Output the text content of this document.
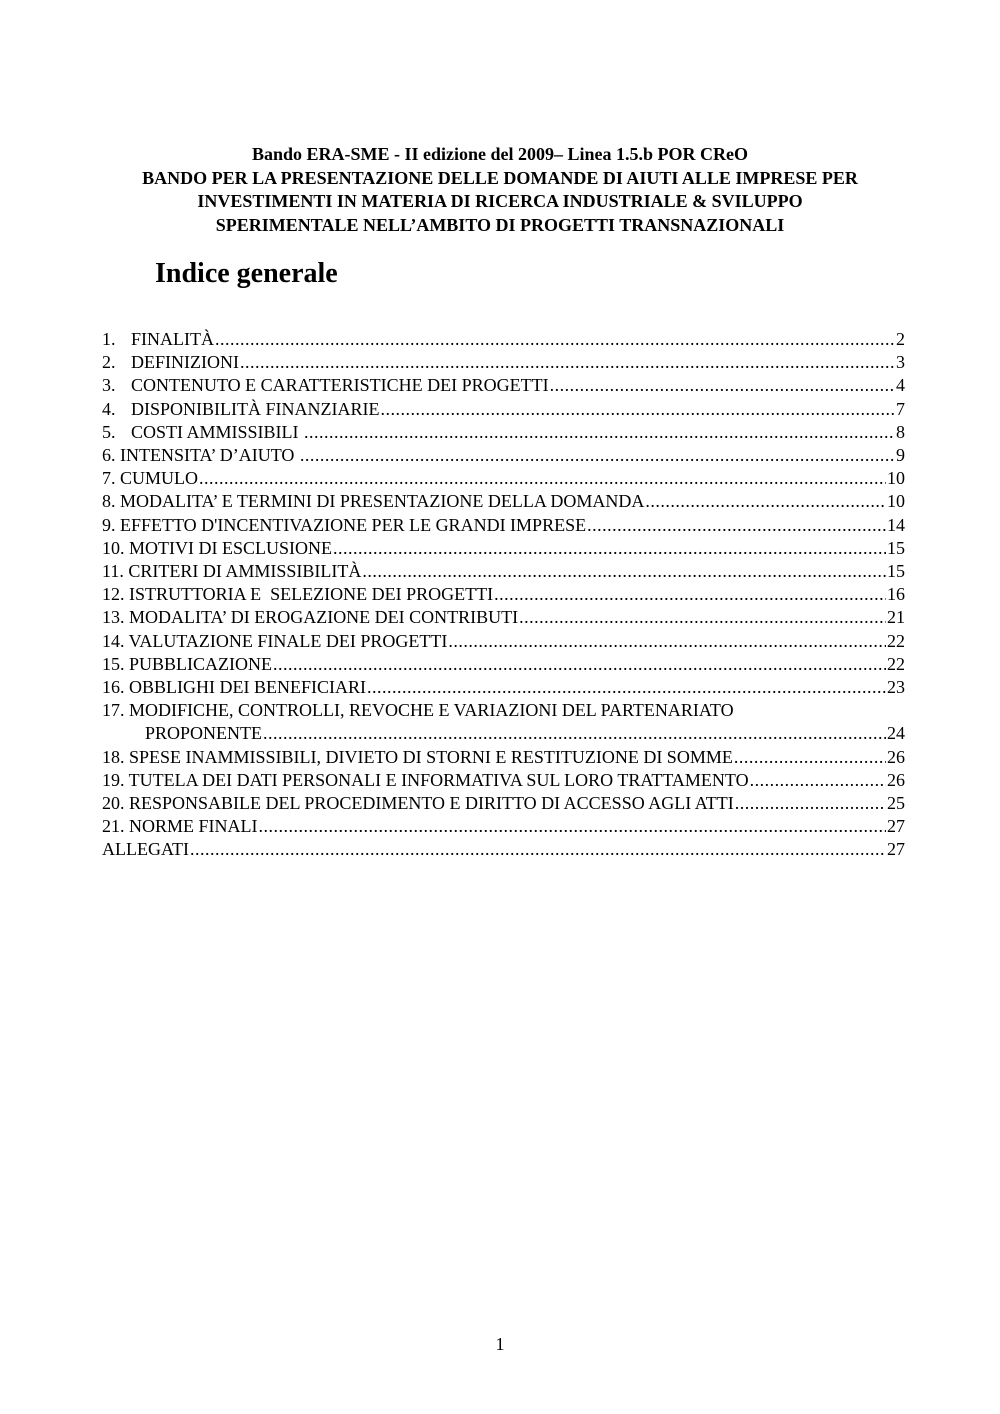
Bando ERA-SME - II edizione del 2009– Linea 1.5.b POR CReO
BANDO PER LA PRESENTAZIONE DELLE DOMANDE DI AIUTI ALLE IMPRESE PER
INVESTIMENTI IN MATERIA DI RICERCA INDUSTRIALE & SVILUPPO
SPERIMENTALE NELL’AMBITO DI PROGETTI TRANSNAZIONALI
Indice generale
1. FINALITÀ .....	2
2. DEFINIZIONI .....	3
3. CONTENUTO E CARATTERISTICHE DEI PROGETTI .....	4
4. DISPONIBILITÀ FINANZIARIE .....	7
5. COSTI AMMISSIBILI .....	8
6. INTENSITA’ D’AIUTO .....	9
7. CUMULO .....	10
8. MODALITA’ E TERMINI DI PRESENTAZIONE DELLA DOMANDA .....	10
9. EFFETTO D'INCENTIVAZIONE PER LE GRANDI IMPRESE .....	14
10. MOTIVI DI ESCLUSIONE .....	15
11. CRITERI DI AMMISSIBILITÀ .....	15
12. ISTRUTTORIA E  SELEZIONE DEI PROGETTI .....	16
13. MODALITA’ DI EROGAZIONE DEI CONTRIBUTI .....	21
14. VALUTAZIONE FINALE DEI PROGETTI .....	22
15. PUBBLICAZIONE .....	22
16. OBBLIGHI DEI BENEFICIARI .....	23
17. MODIFICHE, CONTROLLI, REVOCHE E VARIAZIONI DEL PARTENARIATO
PROPONENTE .....	24
18. SPESE INAMMISSIBILI, DIVIETO DI STORNI E RESTITUZIONE DI SOMME .....	26
19. TUTELA DEI DATI PERSONALI E INFORMATIVA SUL LORO TRATTAMENTO .....	26
20. RESPONSABILE DEL PROCEDIMENTO E DIRITTO DI ACCESSO AGLI ATTI .....	25
21. NORME FINALI .....	27
ALLEGATI .....	27
1
